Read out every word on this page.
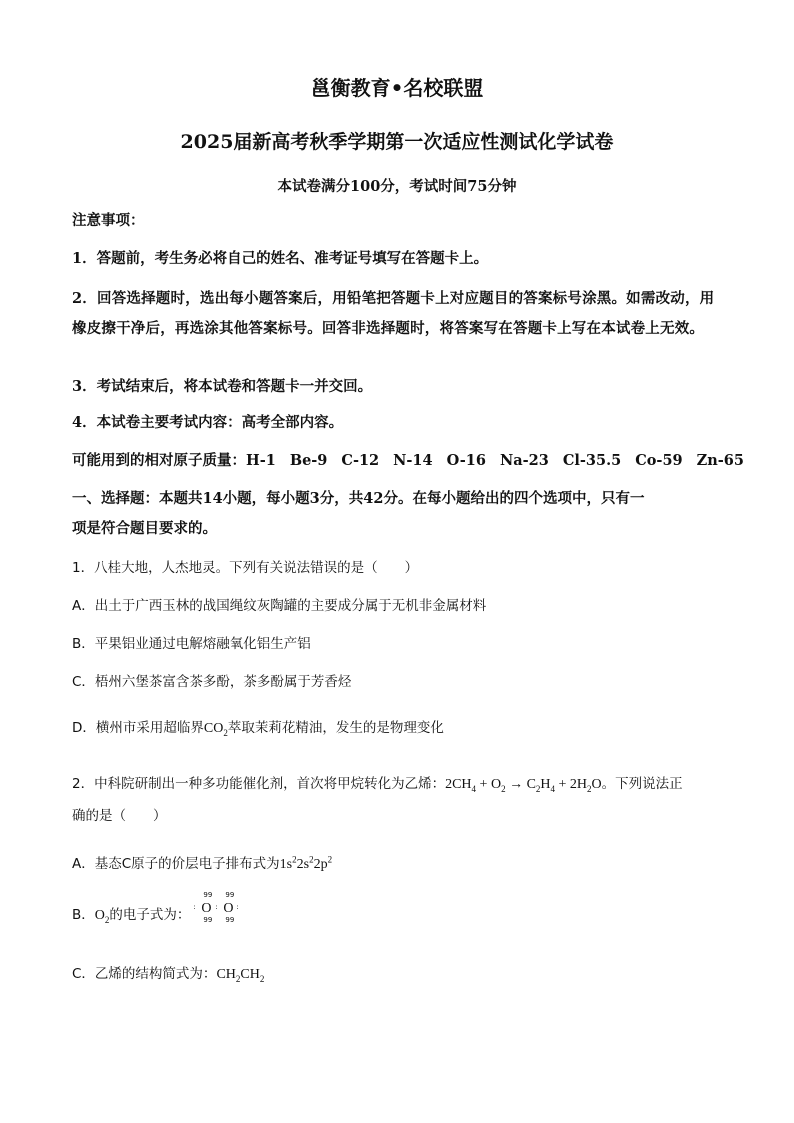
邕衡教育•名校联盟
2025届新高考秋季学期第一次适应性测试化学试卷
本试卷满分100分，考试时间75分钟
注意事项：
1．答题前，考生务必将自己的姓名、准考证号填写在答题卡上。
2．回答选择题时，选出每小题答案后，用铅笔把答题卡上对应题目的答案标号涂黑。如需改动，用橡皮擦干净后，再选涂其他答案标号。回答非选择题时，将答案写在答题卡上写在本试卷上无效。
3．考试结束后，将本试卷和答题卡一并交回。
4．本试卷主要考试内容：高考全部内容。
可能用到的相对原子质量：H-1 Be-9 C-12 N-14 O-16 Na-23 Cl-35.5 Co-59 Zn-65
一、选择题：本题共14小题，每小题3分，共42分。在每小题给出的四个选项中，只有一
项是符合题目要求的。
1．八桂大地，人杰地灵。下列有关说法错误的是（　　）
A．出土于广西玉林的战国绳纹灰陶罐的主要成分属于无机非金属材料
B．平果铝业通过电解熔融氧化铝生产铝
C．梧州六堡茶富含茶多酚，茶多酚属于芳香烃
D．横州市采用超临界$CO_2$萃取茉莉花精油，发生的是物理变化
2．中科院研制出一种多功能催化剂，首次将甲烷转化为乙烯：$2CH_4 + O_2 \to C_2H_4 + 2H_2O$。下列说法正
确的是（　　）
A．基态C原子的价层电子排布式为$1s^22s^22p^2$
B．$O_2$的电子式为： :
99
O
99
:
99
O
99
:
C．乙烯的结构简式为：$CH_2CH_2$
